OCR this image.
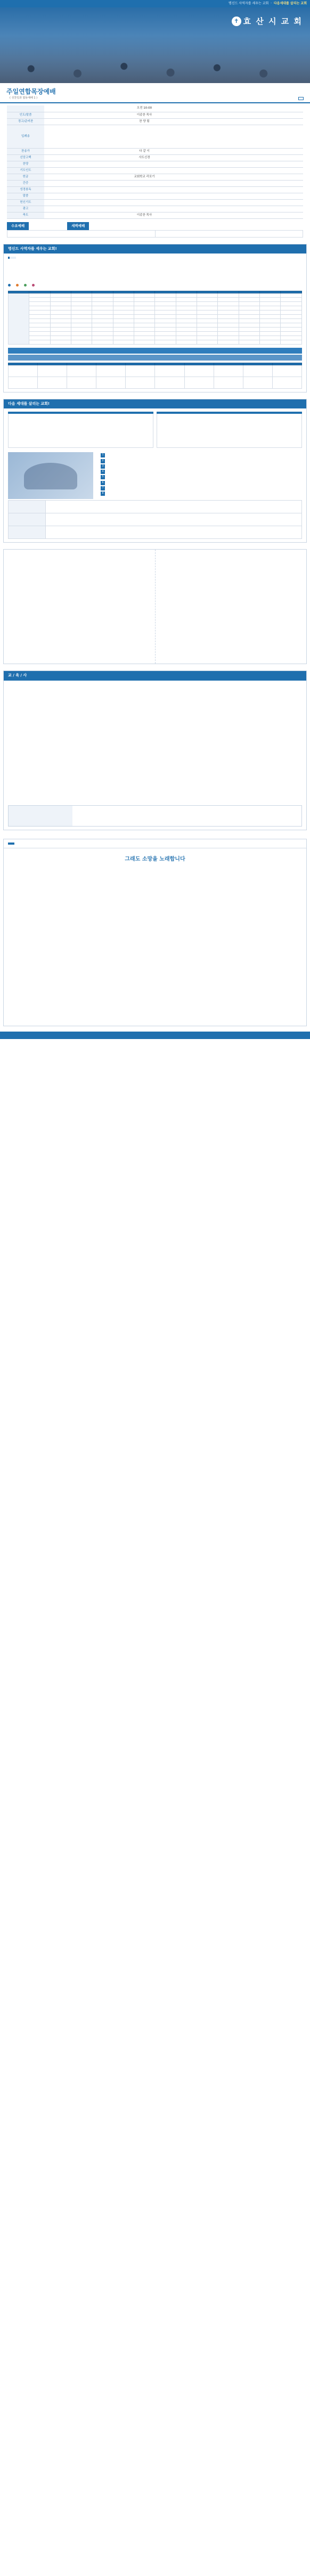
명신드 사역자를 세우는 교회  ·  다음세대를 살리는 교회
✝ 효 산 시 교 회
주일연합목장예배
( 성찬일과 합동예배 1 )
	오전 10:00	
인도/말씀	이종찬 목사	
경고/준비찬	찬 양 팀	
입례송		
찬송가	다 같 이	
신앙고백	사도신경	
찬양		
기도인도		
헌금	교회학교 리포기	
간증		
성경봉독		
말씀		
헌신기도		
광고		
축도	이종찬 목사	
수요예배	새벽예배
명신드 사역자를 세우는 교회!

다음 세대를 살리는 교회!
1
2
3
4
5
6
7
8

교 / 육 / 사
그래도 소망을 노래합니다
